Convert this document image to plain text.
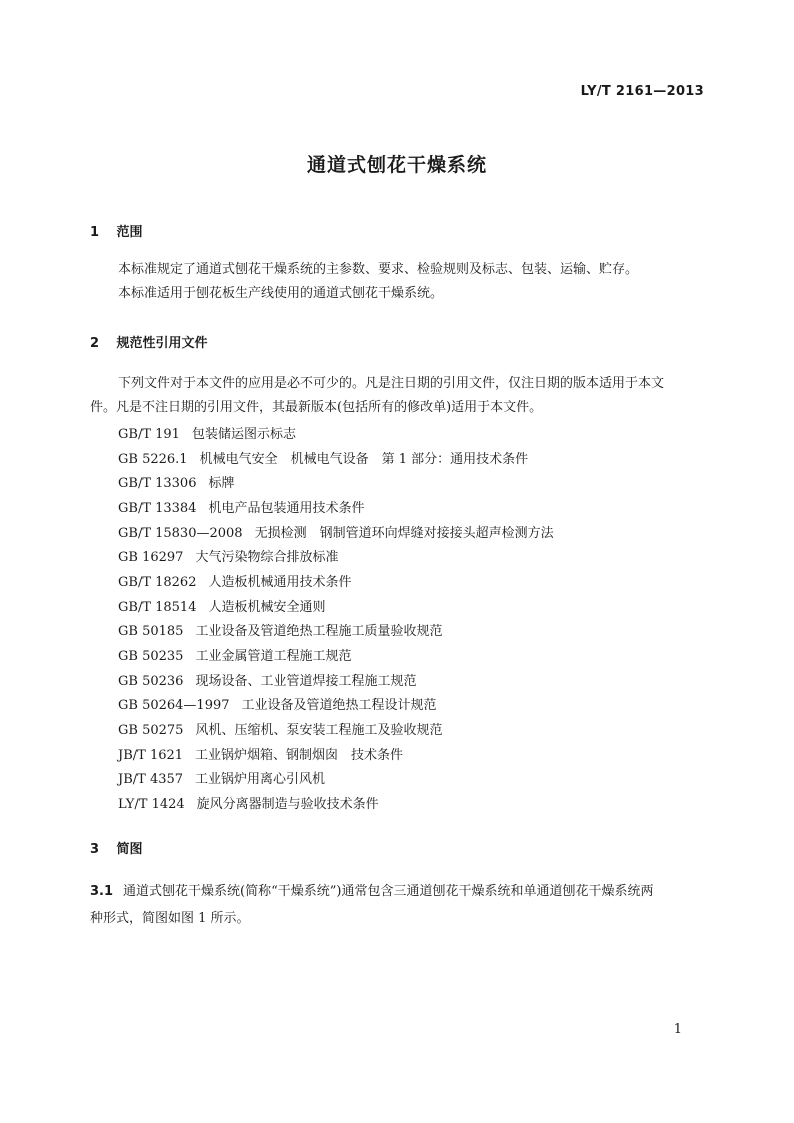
LY/T 2161—2013
通道式刨花干燥系统
1 范围
本标准规定了通道式刨花干燥系统的主参数、要求、检验规则及标志、包装、运输、贮存。
本标准适用于刨花板生产线使用的通道式刨花干燥系统。
2 规范性引用文件
下列文件对于本文件的应用是必不可少的。凡是注日期的引用文件，仅注日期的版本适用于本文
件。凡是不注日期的引用文件，其最新版本(包括所有的修改单)适用于本文件。
GB/T 191 包装储运图示标志
GB 5226.1 机械电气安全　机械电气设备　第 1 部分：通用技术条件
GB/T 13306 标牌
GB/T 13384 机电产品包装通用技术条件
GB/T 15830—2008 无损检测　钢制管道环向焊缝对接接头超声检测方法
GB 16297 大气污染物综合排放标准
GB/T 18262 人造板机械通用技术条件
GB/T 18514 人造板机械安全通则
GB 50185 工业设备及管道绝热工程施工质量验收规范
GB 50235 工业金属管道工程施工规范
GB 50236 现场设备、工业管道焊接工程施工规范
GB 50264—1997 工业设备及管道绝热工程设计规范
GB 50275 风机、压缩机、泵安装工程施工及验收规范
JB/T 1621 工业锅炉烟箱、钢制烟囱　技术条件
JB/T 4357 工业锅炉用离心引风机
LY/T 1424 旋风分离器制造与验收技术条件
3 简图
3.1 通道式刨花干燥系统(简称“干燥系统”)通常包含三通道刨花干燥系统和单通道刨花干燥系统两
种形式，简图如图 1 所示。
1
